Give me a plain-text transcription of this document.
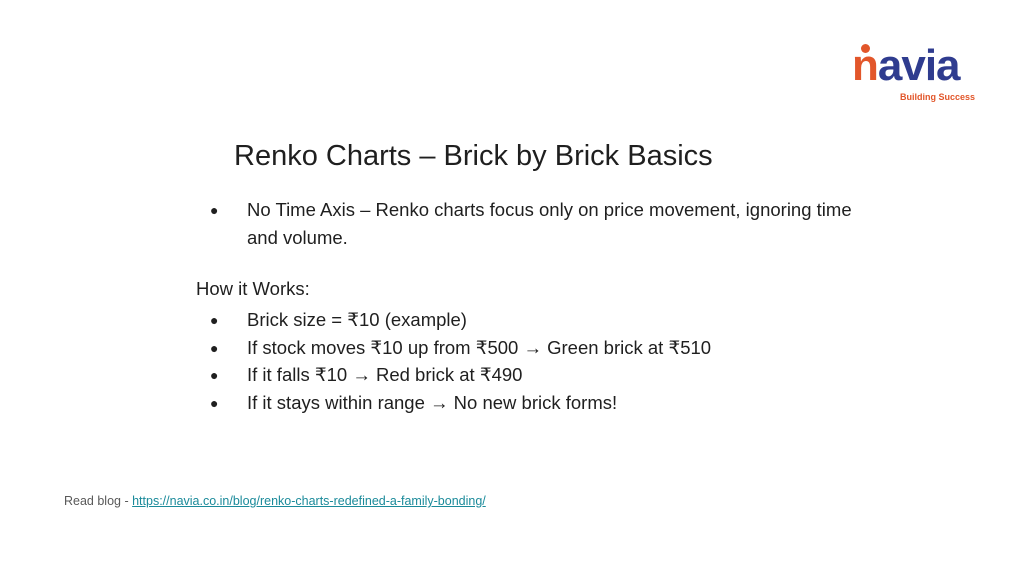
navia
Building Success
Renko Charts – Brick by Brick Basics
●	No Time Axis – Renko charts focus only on price movement, ignoring time and volume.
How it Works:
●	Brick size = ₹10 (example)
●	If stock moves ₹10 up from ₹500 → Green brick at ₹510
●	If it falls ₹10 → Red brick at ₹490
●	If it stays within range → No new brick forms!
Read blog - https://navia.co.in/blog/renko-charts-redefined-a-family-bonding/
